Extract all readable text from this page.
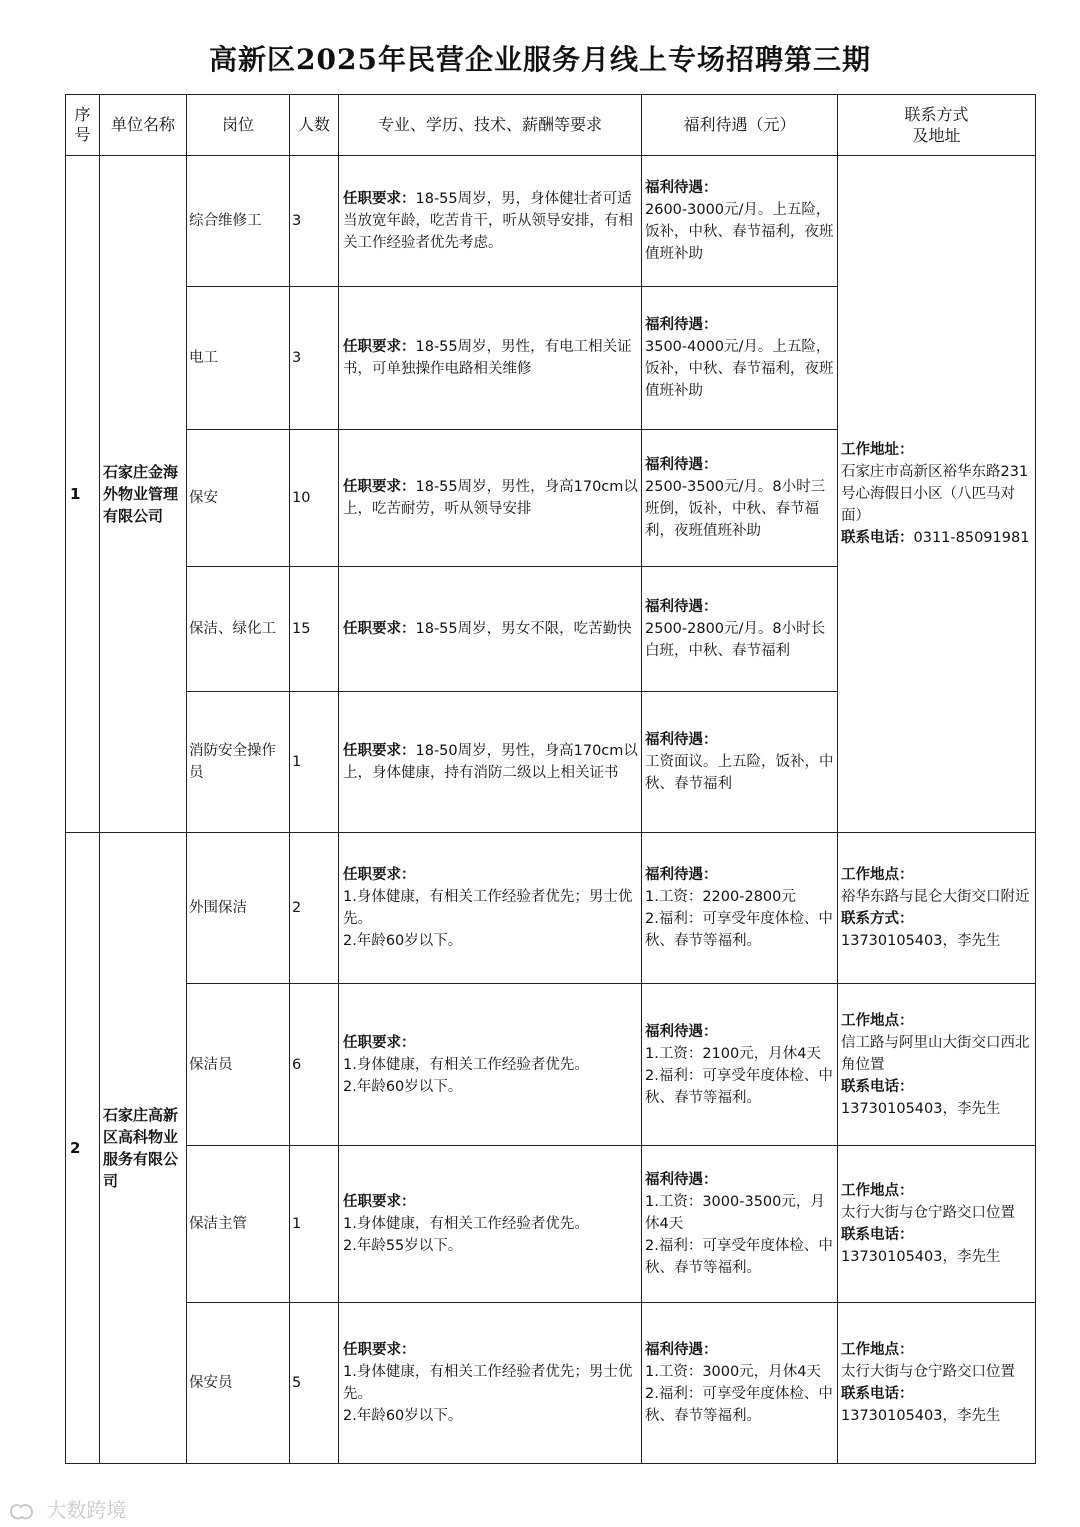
高新区2025年民营企业服务月线上专场招聘第三期
序号	单位名称	岗位	人数	专业、学历、技术、薪酬等要求	福利待遇（元）	联系方式
及地址

1	石家庄金海外物业管理有限公司	综合维修工	3	任职要求：18-55周岁，男，身体健壮者可适当放宽年龄，吃苦肯干，听从领导安排，有相关工作经验者优先考虑。	福利待遇：
2600-3000元/月。上五险，饭补，中秋、春节福利，夜班值班补助	工作地址：
石家庄市高新区裕华东路231号心海假日小区（八匹马对面）
联系电话：0311-85091981
		电工	3	任职要求：18-55周岁，男性，有电工相关证书，可单独操作电路相关维修	福利待遇：
3500-4000元/月。上五险，饭补，中秋、春节福利，夜班值班补助	
		保安	10	任职要求：18-55周岁，男性，身高170cm以上，吃苦耐劳，听从领导安排	福利待遇：
2500-3500元/月。8小时三班倒，饭补，中秋、春节福利，夜班值班补助	
		保洁、绿化工	15	任职要求：18-55周岁，男女不限，吃苦勤快	福利待遇：
2500-2800元/月。8小时长白班，中秋、春节福利	
		消防安全操作员	1	任职要求：18-50周岁，男性，身高170cm以上，身体健康，持有消防二级以上相关证书	福利待遇：
工资面议。上五险，饭补，中秋、春节福利	
2	石家庄高新区高科物业服务有限公司	外围保洁	2	任职要求：
1.身体健康，有相关工作经验者优先；男士优先。
2.年龄60岁以下。	福利待遇：
1.工资：2200-2800元
2.福利：可享受年度体检、中秋、春节等福利。	工作地点：
裕华东路与昆仑大街交口附近
联系方式：
13730105403，李先生
		保洁员	6	任职要求：
1.身体健康，有相关工作经验者优先。
2.年龄60岁以下。	福利待遇：
1.工资：2100元，月休4天
2.福利：可享受年度体检、中秋、春节等福利。	工作地点：
信工路与阿里山大街交口西北角位置
联系电话：
13730105403，李先生
		保洁主管	1	任职要求：
1.身体健康，有相关工作经验者优先。
2.年龄55岁以下。	福利待遇：
1.工资：3000-3500元，月休4天
2.福利：可享受年度体检、中秋、春节等福利。	工作地点：
太行大街与仓宁路交口位置
联系电话：
13730105403，李先生
		保安员	5	任职要求：
1.身体健康，有相关工作经验者优先；男士优先。
2.年龄60岁以下。	福利待遇：
1.工资：3000元，月休4天
2.福利：可享受年度体检、中秋、春节等福利。	工作地点：
太行大街与仓宁路交口位置
联系电话：
13730105403，李先生
大数跨境
